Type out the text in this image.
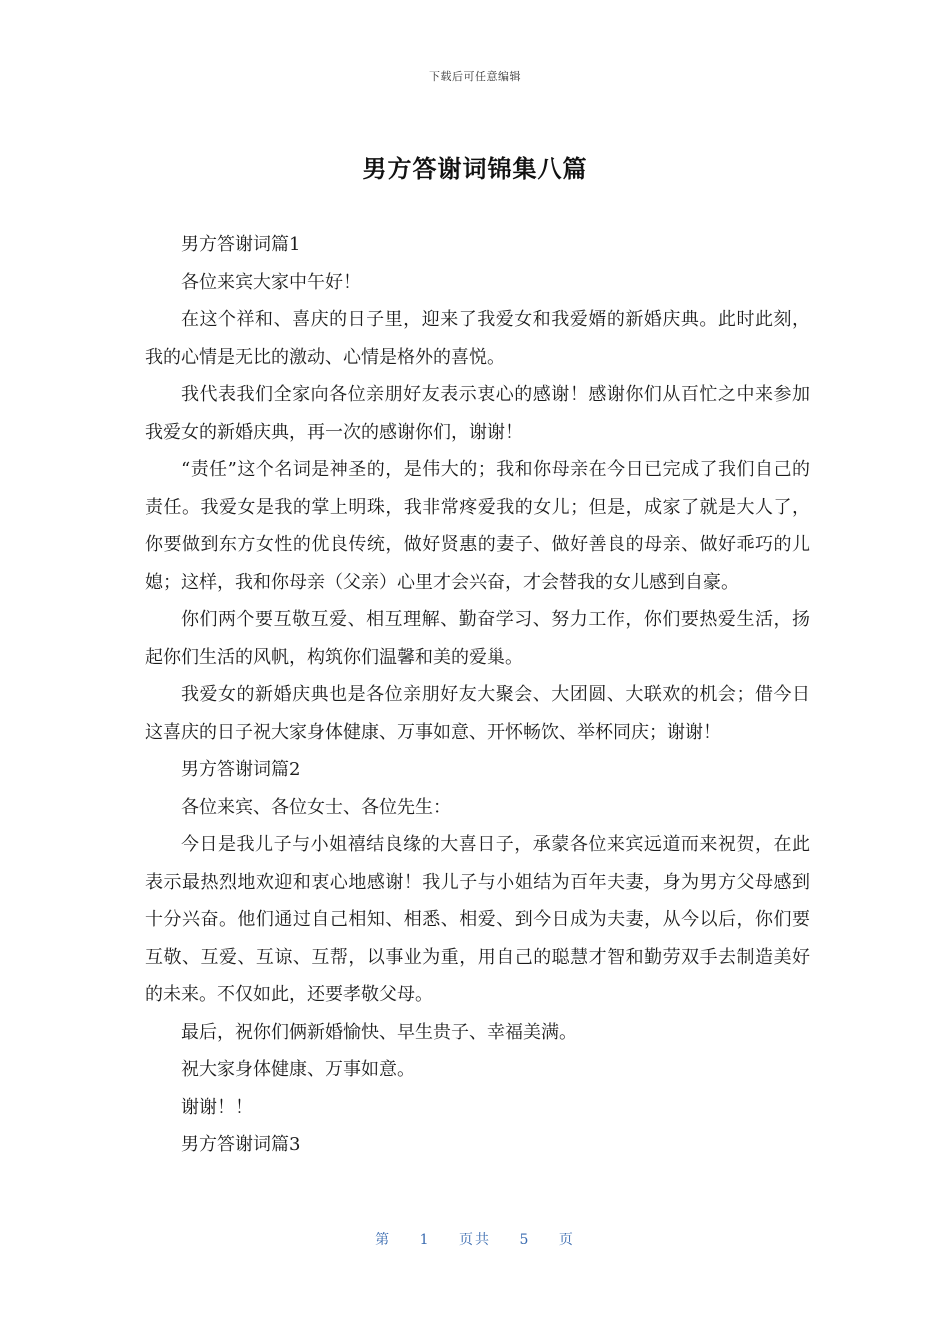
下载后可任意编辑
男方答谢词锦集八篇

男方答谢词篇1

各位来宾大家中午好！

在这个祥和、喜庆的日子里，迎来了我爱女和我爱婿的新婚庆典。此时此刻，我的心情是无比的激动、心情是格外的喜悦。

我代表我们全家向各位亲朋好友表示衷心的感谢！感谢你们从百忙之中来参加我爱女的新婚庆典，再一次的感谢你们，谢谢！

“责任”这个名词是神圣的，是伟大的；我和你母亲在今日已完成了我们自己的责任。我爱女是我的掌上明珠，我非常疼爱我的女儿；但是，成家了就是大人了，你要做到东方女性的优良传统，做好贤惠的妻子、做好善良的母亲、做好乖巧的儿媳；这样，我和你母亲（父亲）心里才会兴奋，才会替我的女儿感到自豪。

你们两个要互敬互爱、相互理解、勤奋学习、努力工作，你们要热爱生活，扬起你们生活的风帆，构筑你们温馨和美的爱巢。

我爱女的新婚庆典也是各位亲朋好友大聚会、大团圆、大联欢的机会；借今日这喜庆的日子祝大家身体健康、万事如意、开怀畅饮、举杯同庆；谢谢！

男方答谢词篇2

各位来宾、各位女士、各位先生：

今日是我儿子与小姐禧结良缘的大喜日子，承蒙各位来宾远道而来祝贺，在此表示最热烈地欢迎和衷心地感谢！我儿子与小姐结为百年夫妻，身为男方父母感到十分兴奋。他们通过自己相知、相悉、相爱、到今日成为夫妻，从今以后，你们要互敬、互爱、互谅、互帮，以事业为重，用自己的聪慧才智和勤劳双手去制造美好的未来。不仅如此，还要孝敬父母。

最后，祝你们俩新婚愉快、早生贵子、幸福美满。

祝大家身体健康、万事如意。

谢谢！！

男方答谢词篇3

第 1 页共 5 页
